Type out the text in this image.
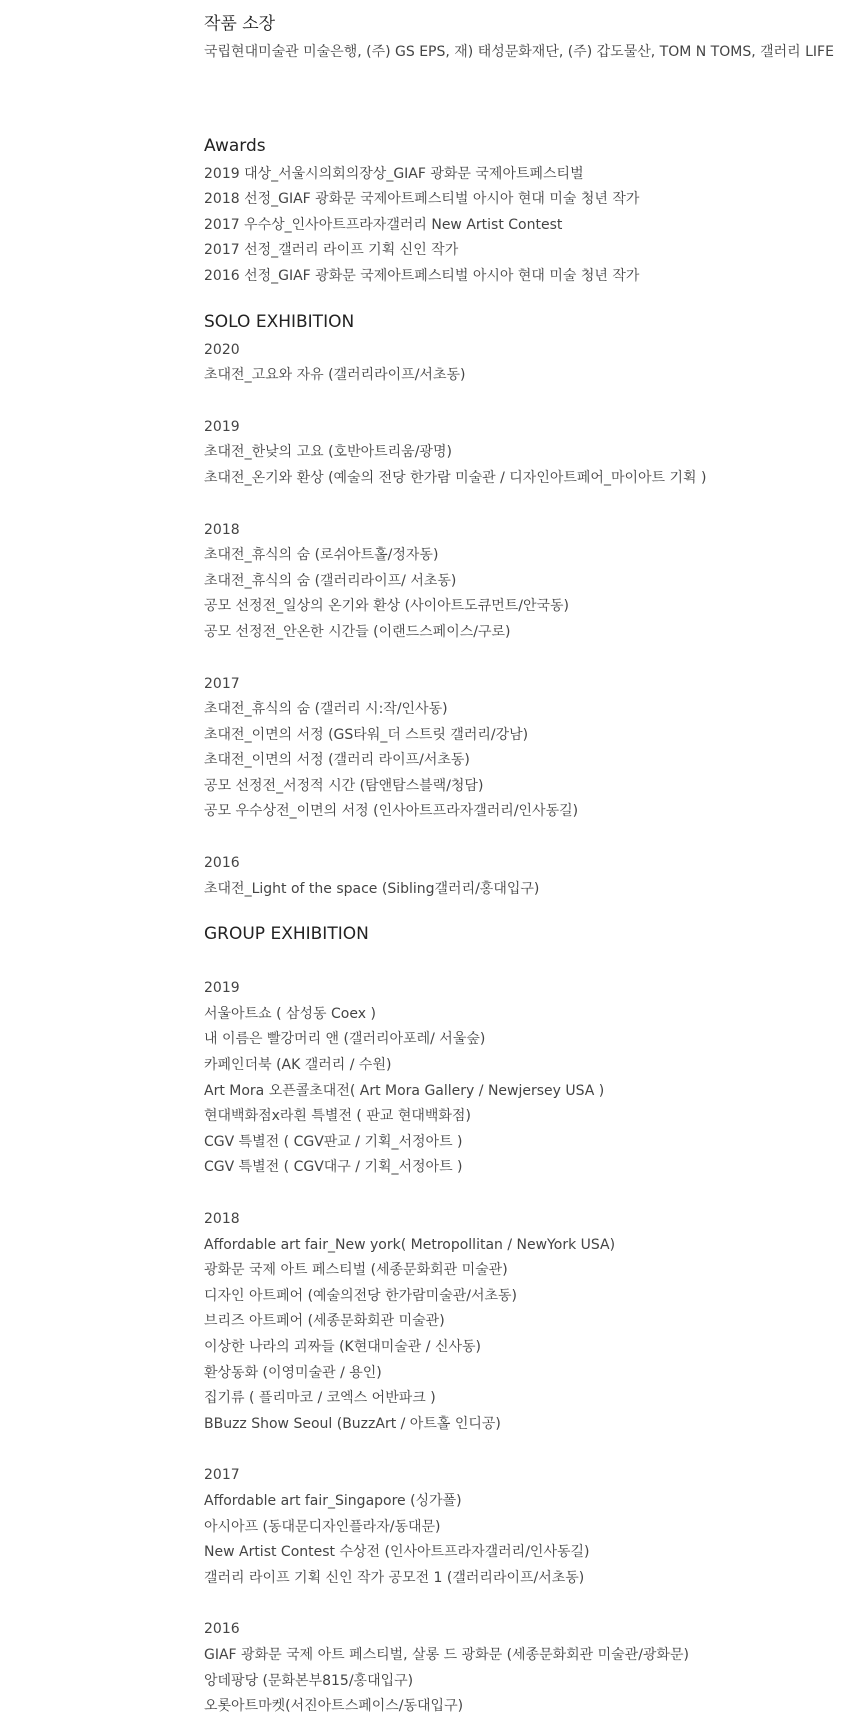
작품 소장

국립현대미술관 미술은행, (주) GS EPS, 재) 태성문화재단, (주) 갑도물산, TOM N TOMS, 갤러리 LIFE

Awards

2019 대상_서울시의회의장상_GIAF 광화문 국제아트페스티벌

2018 선정_GIAF 광화문 국제아트페스티벌 아시아 현대 미술 청년 작가

2017 우수상_인사아트프라자갤러리 New Artist Contest

2017 선정_갤러리 라이프 기획 신인 작가

2016 선정_GIAF 광화문 국제아트페스티벌 아시아 현대 미술 청년 작가

SOLO EXHIBITION

2020

초대전_고요와 자유 (갤러리라이프/서초동)

2019

초대전_한낮의 고요 (호반아트리움/광명)

초대전_온기와 환상 (예술의 전당 한가람 미술관 / 디자인아트페어_마이아트 기획 )

2018

초대전_휴식의 숨 (로쉬아트홀/정자동)

초대전_휴식의 숨 (갤러리라이프/ 서초동)

공모 선정전_일상의 온기와 환상 (사이아트도큐먼트/안국동)

공모 선정전_안온한 시간들 (이랜드스페이스/구로)

2017

초대전_휴식의 숨 (갤러리 시:작/인사동)

초대전_이면의 서정 (GS타워_더 스트릿 갤러리/강남)

초대전_이면의 서정 (갤러리 라이프/서초동)

공모 선정전_서정적 시간 (탐앤탐스블랙/청담)

공모 우수상전_이면의 서정 (인사아트프라자갤러리/인사동길)

2016

초대전_Light of the space (Sibling갤러리/홍대입구)

GROUP EXHIBITION

2019

서울아트쇼 ( 삼성동 Coex )

내 이름은 빨강머리 앤 (갤러리아포레/ 서울숲)

카페인더북 (AK 갤러리 / 수원)

Art Mora 오픈콜초대전( Art Mora Gallery / Newjersey USA )

현대백화점x라흰 특별전 ( 판교 현대백화점)

CGV 특별전 ( CGV판교 / 기획_서정아트 )

CGV 특별전 ( CGV대구 / 기획_서정아트 )

2018

Affordable art fair_New york( Metropollitan / NewYork USA)

광화문 국제 아트 페스티벌 (세종문화회관 미술관)

디자인 아트페어 (예술의전당 한가람미술관/서초동)

브리즈 아트페어 (세종문화회관 미술관)

이상한 나라의 괴짜들 (K현대미술관 / 신사동)

환상동화 (이영미술관 / 용인)

집기류 ( 플리마코 / 코엑스 어반파크 )

BBuzz Show Seoul (BuzzArt / 아트홀 인디공)

2017

Affordable art fair_Singapore (싱가폴)

아시아프 (동대문디자인플라자/동대문)

New Artist Contest 수상전 (인사아트프라자갤러리/인사동길)

갤러리 라이프 기획 신인 작가 공모전 1 (갤러리라이프/서초동)

2016

GIAF 광화문 국제 아트 페스티벌, 살롱 드 광화문 (세종문화회관 미술관/광화문)

앙데팡당 (문화본부815/홍대입구)

오롯아트마켓(서진아트스페이스/동대입구)
